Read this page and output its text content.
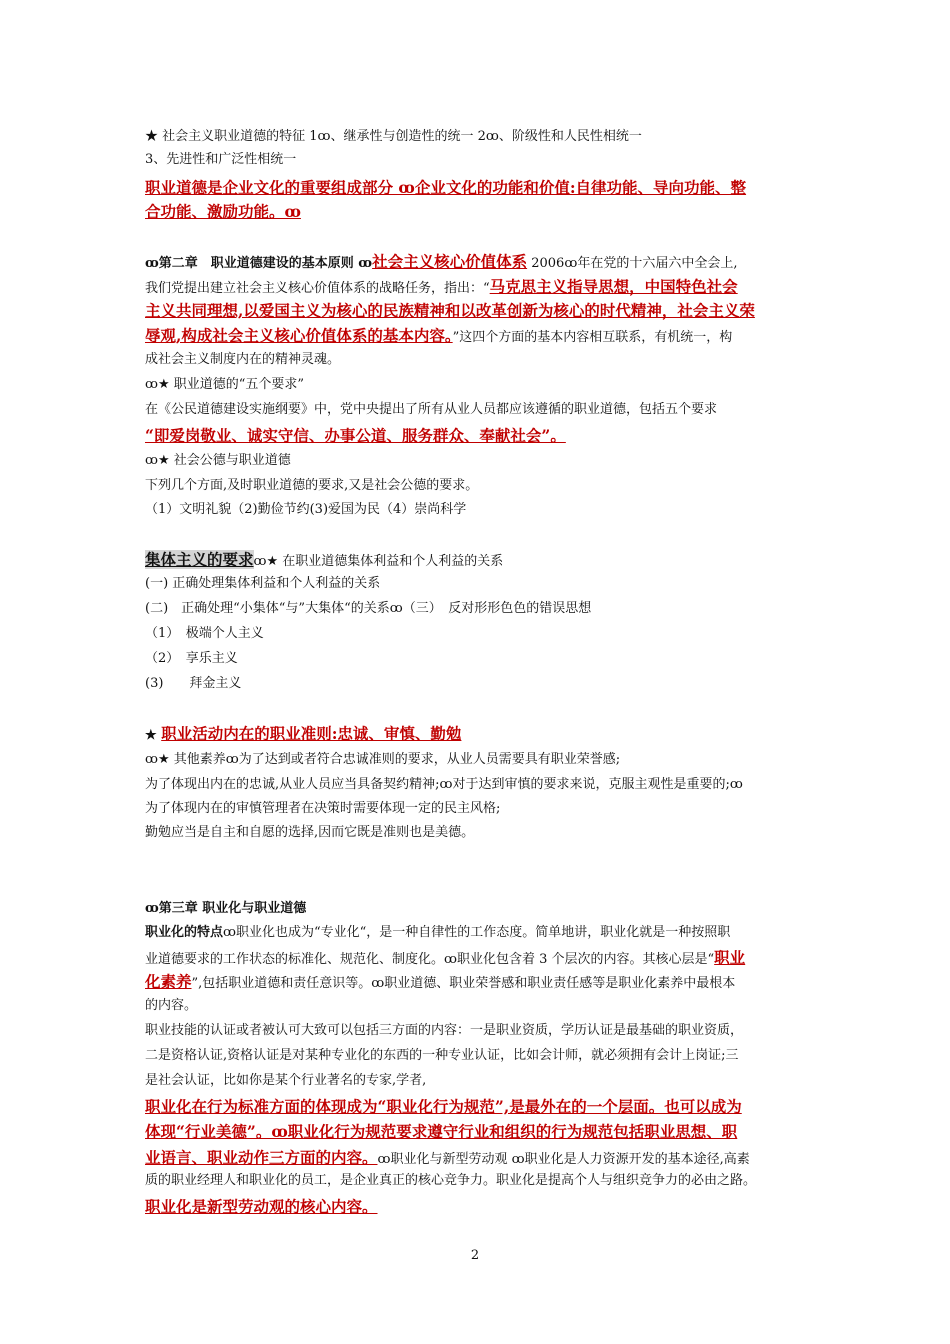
★ 社会主义职业道德的特征 1ꝏ、继承性与创造性的统一 2ꝏ、阶级性和人民性相统一
3、先进性和广泛性相统一
职业道德是企业文化的重要组成部分 ꝏ企业文化的功能和价值:自律功能、导向功能、整
合功能、激励功能。ꝏ
ꝏ第二章　职业道德建设的基本原则 ꝏ社会主义核心价值体系 2006ꝏ年在党的十六届六中全会上,
我们党提出建立社会主义核心价值体系的战略任务，指出：“马克思主义指导思想，中国特色社会
主义共同理想,以爱国主义为核心的民族精神和以改革创新为核心的时代精神，社会主义荣
辱观,构成社会主义核心价值体系的基本内容。”这四个方面的基本内容相互联系，有机统一，构
成社会主义制度内在的精神灵魂。
ꝏ★ 职业道德的“五个要求”
在《公民道德建设实施纲要》中，党中央提出了所有从业人员都应该遵循的职业道德，包括五个要求
“即爱岗敬业、诚实守信、办事公道、服务群众、奉献社会”。
ꝏ★ 社会公德与职业道德
下列几个方面,及时职业道德的要求,又是社会公德的要求。
（1）文明礼貌（2)勤俭节约(3)爱国为民（4）崇尚科学
集体主义的要求ꝏ★ 在职业道德集体利益和个人利益的关系
(一) 正确处理集体利益和个人利益的关系
(二)　正确处理“小集体“与”大集体“的关系ꝏ（三）　反对形形色色的错误思想
（1）　极端个人主义
（2）　享乐主义
(3)　　拜金主义
★ 职业活动内在的职业准则:忠诚、审慎、勤勉
ꝏ★ 其他素养ꝏ为了达到或者符合忠诚准则的要求，从业人员需要具有职业荣誉感;
为了体现出内在的忠诚,从业人员应当具备契约精神;ꝏ对于达到审慎的要求来说，克服主观性是重要的;ꝏ
为了体现内在的审慎管理者在决策时需要体现一定的民主风格;
勤勉应当是自主和自愿的选择,因而它既是准则也是美德。
ꝏ第三章 职业化与职业道德
职业化的特点ꝏ职业化也成为“专业化“，是一种自律性的工作态度。简单地讲，职业化就是一种按照职
业道德要求的工作状态的标准化、规范化、制度化。ꝏ职业化包含着 3 个层次的内容。其核心层是“职业
化素养”,包括职业道德和责任意识等。ꝏ职业道德、职业荣誉感和职业责任感等是职业化素养中最根本
的内容。
职业技能的认证或者被认可大致可以包括三方面的内容：一是职业资质，学历认证是最基础的职业资质，
二是资格认证,资格认证是对某种专业化的东西的一种专业认证，比如会计师，就必须拥有会计上岗证;三
是社会认证，比如你是某个行业著名的专家,学者,
职业化在行为标准方面的体现成为“职业化行为规范”,是最外在的一个层面。也可以成为
体现“行业美德”。ꝏ职业化行为规范要求遵守行业和组织的行为规范包括职业思想、职
业语言、职业动作三方面的内容。ꝏ职业化与新型劳动观 ꝏ职业化是人力资源开发的基本途径,高素
质的职业经理人和职业化的员工，是企业真正的核心竞争力。职业化是提高个人与组织竞争力的必由之路。
职业化是新型劳动观的核心内容。
2
